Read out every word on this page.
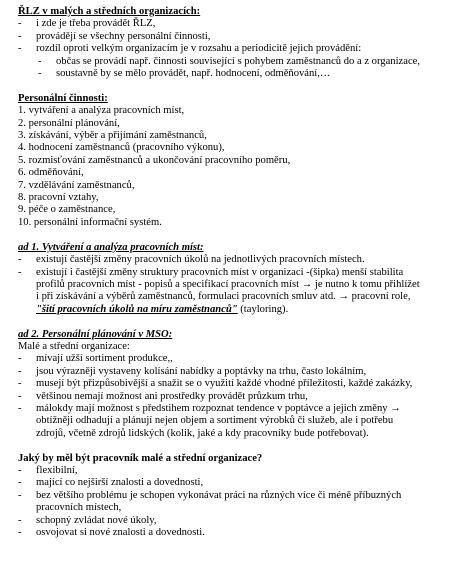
ŘLZ v malých a středních organizacích:
- i zde je třeba provádět ŘLZ,
- provádějí se všechny personální činnosti,
- rozdíl oproti velkým organizacím je v rozsahu a periodicitě jejich provádění:
- občas se provádí např. činnosti související s pohybem zaměstnanců do a z organizace,
- soustavně by se mělo provádět, např. hodnocení, odměňování,…
Personální činnosti:
1. vytváření a analýza pracovních míst,
2. personální plánování,
3. získávání, výběr a přijímání zaměstnanců,
4. hodnocení zaměstnanců (pracovního výkonu),
5. rozmisťování zaměstnanců a ukončování pracovního poměru,
6. odměňování,
7. vzdělávání zaměstnanců,
8. pracovní vztahy,
9. péče o zaměstnance,
10. personální informační systém.
ad 1. Vytváření a analýza pracovních míst:
- existují častější změny pracovních úkolů na jednotlivých pracovních místech.
- existují i častější změny struktury pracovních míst v organizaci -(šipka) menší stabilita
profilů pracovních míst - popisů a specifikací pracovních míst → je nutno k tomu přihlížet
i při získávání a výběrů zaměstnanců, formulaci pracovních smluv atd. → pracovní role,
"šití pracovních úkolů na míru zaměstnanců" (tayloring).
ad 2. Personální plánování v MSO:
Malé a střední organizace:
- mívají užší sortiment produkce,,
- jsou výrazněji vystaveny kolísání nabídky a poptávky na trhu, často lokálním,
- musejí být přizpůsobivější a snažit se o využití každé vhodné příležitosti, každé zakázky,
- většinou nemají možnost ani prostředky provádět průzkum trhu,
- málokdy mají možnost s předstihem rozpoznat tendence v poptávce a jejich změny →
obtížněji odhadují a plánují nejen objem a sortiment výrobků či služeb, ale i potřebu
zdrojů, včetně zdrojů lidských (kolik, jaké a kdy pracovníky bude potřebovat).
Jaký by měl být pracovník malé a střední organizace?
- flexibilní,
- mající co nejširší znalosti a dovednosti,
- bez většího problému je schopen vykonávat práci na různých více či méně příbuzných
pracovních místech,
- schopný zvládat nové úkoly,
- osvojovat si nové znalosti a dovednosti.
